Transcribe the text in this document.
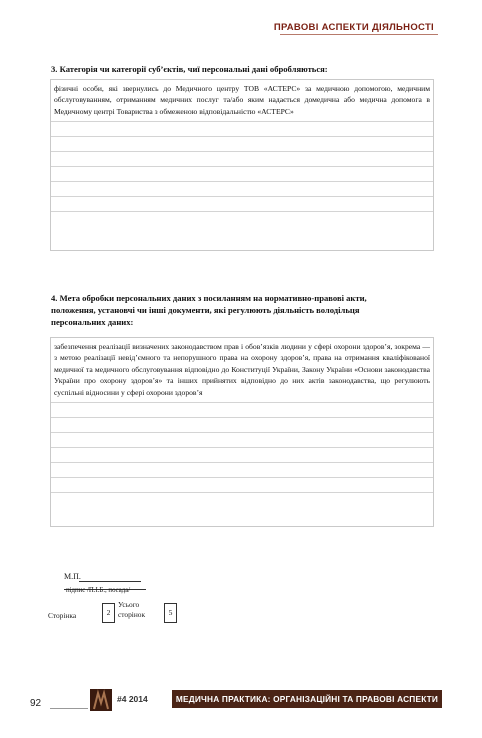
ПРАВОВІ АСПЕКТИ ДІЯЛЬНОСТІ
3. Категорія чи категорії суб’єктів, чиї персональні дані обробляються:
фізичні особи, які звернулись до Медичного центру ТОВ «АСТЕРС» за медичною допомогою, медичним обслуговуванням, отриманням медичних послуг та/або яким надається домедична або медична допомога в Медичному центрі Товариства з обмеженою відповідальністю «АСТЕРС»
4. Мета обробки персональних даних з посиланням на нормативно-правові акти, положення, установчі чи інші документи, які регулюють діяльність володільця персональних даних:
забезпечення реалізації визначених законодавством прав і обов’язків людини у сфері охорони здоров’я, зокрема — з метою реалізації невід’ємного та непорушного права на охорону здоров’я, права на отримання кваліфікованої медичної та медичного обслуговування відповідно до Конституції України, Закону України «Основи законодавства України про охорону здоров’я» та інших прийнятих відповідно до них актів законодавства, що регулюють суспільні відносини у сфері охорони здоров’я
М.П.
підпис /П.І.Б., посада/
Сторінка	2
Усього сторінок	5
92	#4 2014	МЕДИЧНА ПРАКТИКА: ОРГАНІЗАЦІЙНІ ТА ПРАВОВІ АСПЕКТИ
